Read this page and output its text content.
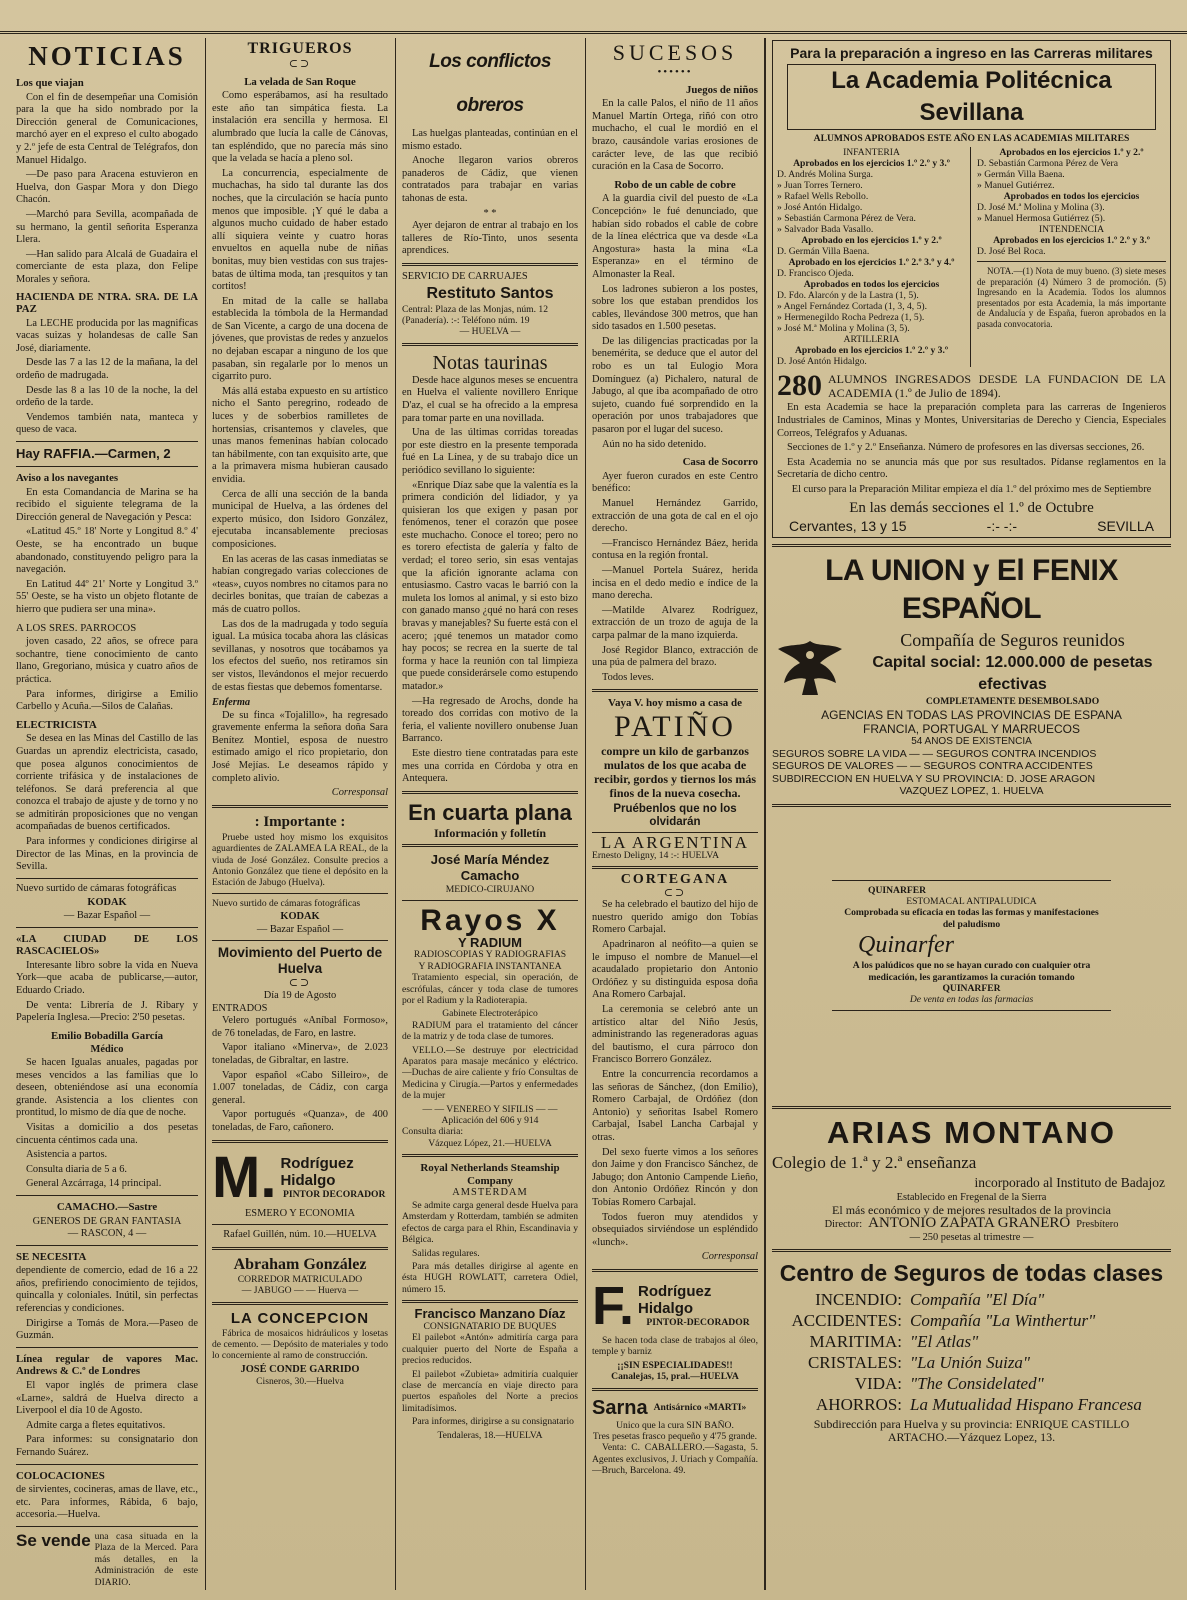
NOTICIAS
Los que viajan

Con el fin de desempeñar una Comisión para la que ha sido nombrado por la Dirección general de Comunicaciones, marchó ayer en el expreso el culto abogado y 2.º jefe de esta Central de Telégrafos, don Manuel Hidalgo.

—De paso para Aracena estuvieron en Huelva, don Gaspar Mora y don Diego Chacón.

—Marchó para Sevilla, acompañada de su hermano, la gentil señorita Esperanza Llera.

—Han salido para Alcalá de Guadaira el comerciante de esta plaza, don Felipe Morales y señora.

HACIENDA DE NTRA. SRA. DE LA PAZ

La LECHE producida por las magnificas vacas suizas y holandesas de calle San José, diariamente.

Desde las 7 a las 12 de la mañana, la del ordeño de madrugada.

Desde las 8 a las 10 de la noche, la del ordeño de la tarde.

Vendemos también nata, manteca y queso de vaca.

Hay RAFFIA.—Carmen, 2
Aviso a los navegantes

En esta Comandancia de Marina se ha recibido el siguiente telegrama de la Dirección general de Navegación y Pesca:

«Latitud 45.º 18' Norte y Longitud 8.º 4' Oeste, se ha encontrado un buque abandonado, constituyendo peligro para la navegación.

En Latitud 44º 21' Norte y Longitud 3.º 55' Oeste, se ha visto un objeto flotante de hierro que pudiera ser una mina».

A LOS SRES. PARROCOS

joven casado, 22 años, se ofrece para sochantre, tiene conocimiento de canto llano, Gregoriano, música y cuatro años de práctica.

Para informes, dirigirse a Emilio Carbello y Acuña.—Silos de Calañas.

ELECTRICISTA

Se desea en las Minas del Castillo de las Guardas un aprendiz electricista, casado, que posea algunos conocimientos de corriente trifásica y de instalaciones de teléfonos. Se dará preferencia al que conozca el trabajo de ajuste y de torno y no se admitirán proposiciones que no vengan acompañadas de buenos certificados.

Para informes y condiciones dirigirse al Director de las Minas, en la provincia de Sevilla.

Nuevo surtido de cámaras fotográficas

KODAK
— Bazar Español —
«LA CIUDAD DE LOS RASCACIELOS»

Interesante libro sobre la vida en Nueva York—que acaba de publicarse,—autor, Eduardo Criado.

De venta: Librería de J. Ribary y Papelería Inglesa.—Precio: 2'50 pesetas.

Emilio Bobadilla García
Médico

Se hacen Igualas anuales, pagadas por meses vencidos a las familias que lo deseen, obteniéndose así una economía grande. Asistencia a los clientes con prontitud, lo mismo de día que de noche.

Visitas a domicilio a dos pesetas cincuenta céntimos cada una.

Asistencia a partos.

Consulta diaria de 5 a 6.

General Azcárraga, 14 principal.

CAMACHO.—Sastre
GENEROS DE GRAN FANTASIA
— RASCON, 4 —
SE NECESITA

dependiente de comercio, edad de 16 a 22 años, prefiriendo conocimiento de tejidos, quincalla y coloniales. Inútil, sin perfectas referencias y condiciones.

Dirigirse a Tomás de Mora.—Paseo de Guzmán.

Línea regular de vapores Mac. Andrews & C.º de Londres

El vapor inglés de primera clase «Larne», saldrá de Huelva directo a Liverpool el día 10 de Agosto.

Admite carga a fletes equitativos.

Para informes: su consignatario don Fernando Suárez.

COLOCACIONES

de sirvientes, cocineras, amas de llave, etc., etc. Para informes, Rábida, 6 bajo, accesoria.—Huelva.

Se vende una casa situada en la Plaza de la Merced. Para más detalles, en la Administración de este DIARIO.
TRIGUEROS
⊂⊃
La velada de San Roque

Como esperábamos, así ha resultado este año tan simpática fiesta. La instalación era sencilla y hermosa. El alumbrado que lucía la calle de Cánovas, tan espléndido, que no parecía más sino que la velada se hacía a pleno sol.

La concurrencia, especialmente de muchachas, ha sido tal durante las dos noches, que la circulación se hacía punto menos que imposible. ¡Y qué le daba a algunos mucho cuidado de haber estado allí siquiera veinte y cuatro horas envueltos en aquella nube de niñas bonitas, muy bien vestidas con sus trajes-batas de última moda, tan ¡resquitos y tan cortitos!

En mitad de la calle se hallaba establecida la tómbola de la Hermandad de San Vicente, a cargo de una docena de jóvenes, que provistas de redes y anzuelos no dejaban escapar a ninguno de los que pasaban, sin regalarle por lo menos un cigarrito puro.

Más allá estaba expuesto en su artístico nicho el Santo peregrino, rodeado de luces y de soberbios ramilletes de hortensias, crisantemos y claveles, que unas manos femeninas habían colocado tan hábilmente, con tan exquisito arte, que a la primavera misma hubieran causado envidia.

Cerca de allí una sección de la banda municipal de Huelva, a las órdenes del experto músico, don Isidoro González, ejecutaba incansablemente preciosas composiciones.

En las aceras de las casas inmediatas se habían congregado varias colecciones de «teas», cuyos nombres no citamos para no decirles bonitas, que traían de cabezas a más de cuatro pollos.

Las dos de la madrugada y todo seguía igual. La música tocaba ahora las clásicas sevillanas, y nosotros que tocábamos ya los efectos del sueño, nos retiramos sin ser vistos, llevándonos el mejor recuerdo de estas fiestas que debemos fomentarse.

Enferma

De su finca «Tojalillo», ha regresado gravemente enferma la señora doña Sara Benítez Montiel, esposa de nuestro estimado amigo el rico propietario, don José Mejías. Le deseamos rápido y completo alivio.

Corresponsal
: Importante :

Pruebe usted hoy mismo los exquisitos aguardientes de ZALAMEA LA REAL, de la viuda de José González. Consulte precios a Antonio González que tiene el depósito en la Estación de Jabugo (Huelva).

Nuevo surtido de cámaras fotográficas

KODAK
— Bazar Español —
Movimiento del Puerto de Huelva
⊂⊃
Día 19 de Agosto
ENTRADOS

Velero portugués «Aníbal Formoso», de 76 toneladas, de Faro, en lastre.

Vapor italiano «Minerva», de 2.023 toneladas, de Gibraltar, en lastre.

Vapor español «Cabo Silleiro», de 1.007 toneladas, de Cádiz, con carga general.

Vapor portugués «Quanza», de 400 toneladas, de Faro, cañonero.

M. Rodríguez Hidalgo
PINTOR DECORADOR
ESMERO Y ECONOMIA
Rafael Guillén, núm. 10.—HUELVA
Abraham González
CORREDOR MATRICULADO
— JABUGO — — Huerva —
LA CONCEPCION

Fábrica de mosaicos hidráulicos y losetas de cemento. — Depósito de materiales y todo lo concerniente al ramo de construcción.

JOSÉ CONDE GARRIDO
Cisneros, 30.—Huelva
Los conflictos obreros

Las huelgas planteadas, continúan en el mismo estado.

Anoche llegaron varios obreros panaderos de Cádiz, que vienen contratados para trabajar en varias tahonas de esta.

* *

Ayer dejaron de entrar al trabajo en los talleres de Río-Tinto, unos sesenta aprendices.

SERVICIO DE CARRUAJES
Restituto Santos
Central: Plaza de las Monjas, núm. 12
(Panadería). :-: Teléfono núm. 19
— HUELVA —
Notas taurinas

Desde hace algunos meses se encuentra en Huelva el valiente novillero Enrique D'az, el cual se ha ofrecido a la empresa para tomar parte en una novillada.

Una de las últimas corridas toreadas por este diestro en la presente temporada fué en La Línea, y de su trabajo dice un periódico sevillano lo siguiente:

«Enrique Díaz sabe que la valentía es la primera condición del lidiador, y ya quisieran los que exigen y pasan por fenómenos, tener el corazón que posee este muchacho. Conoce el toreo; pero no es torero efectista de galería y falto de verdad; el toreo serio, sin esas ventajas que la afición ignorante aclama con entusiasmo. Castro vacas le barrió con la muleta los lomos al animal, y si esto bizo con ganado manso ¿qué no hará con reses bravas y manejables? Su fuerte está con el acero; ¡qué tenemos un matador como hay pocos; se recrea en la suerte de tal forma y hace la reunión con tal limpieza que puede considerársele como estupendo matador.»

—Ha regresado de Arochs, donde ha toreado dos corridas con motivo de la feria, el valiente novillero onubense Juan Barranco.

Este diestro tiene contratadas para este mes una corrida en Córdoba y otra en Antequera.

En cuarta plana
Información y folletín
José María Méndez Camacho
MEDICO-CIRUJANO
Rayos X
Y RADIUM
RADIOSCOPIAS Y RADIOGRAFIAS
Y RADIOGRAFIA INSTANTANEA

Tratamiento especial, sin operación, de escrófulas, cáncer y toda clase de tumores por el Radium y la Radioterapia.

Gabinete Electroterápico

RADIUM para el tratamiento del cáncer de la matriz y de toda clase de tumores.

VELLO.—Se destruye por electricidad Aparatos para masaje mecánico y eléctrico.—Duchas de aire caliente y frío Consultas de Medicina y Cirugía.—Partos y enfermedades de la mujer

— — VENEREO Y SIFILIS — —
Aplicación del 606 y 914
Consulta diaria:
Vázquez López, 21.—HUELVA
Royal Netherlands Steamship Company
AMSTERDAM

Se admite carga general desde Huelva para Amsterdam y Rotterdam, también se admiten efectos de carga para el Rhin, Escandinavia y Bélgica.

Salidas regulares.

Para más detalles dirigirse al agente en ésta HUGH ROWLATT, carretera Odiel, número 15.

Francisco Manzano Díaz
CONSIGNATARIO DE BUQUES

El pailebot «Antón» admitiría carga para cualquier puerto del Norte de España a precios reducidos.

El pailebot «Zubieta» admitiría cualquier clase de mercancía en viaje directo para puertos españoles del Norte a precios limitadísimos.

Para informes, dirigirse a su consignatario

Tendaleras, 18.—HUELVA
SUCESOS
••••••
Juegos de niños

En la calle Palos, el niño de 11 años Manuel Martín Ortega, riñó con otro muchacho, el cual le mordió en el brazo, causándole varias erosiones de carácter leve, de las que recibió curación en la Casa de Socorro.

Robo de un cable de cobre

A la guardia civil del puesto de «La Concepción» le fué denunciado, que habían sido robados el cable de cobre de la línea eléctrica que va desde «La Angostura» hasta la mina «La Esperanza» en el término de Almonaster la Real.

Los ladrones subieron a los postes, sobre los que estaban prendidos los cables, llevándose 300 metros, que han sido tasados en 1.500 pesetas.

De las diligencias practicadas por la benemérita, se deduce que el autor del robo es un tal Eulogio Mora Domínguez (a) Pichalero, natural de Jabugo, al que iba acompañado de otro sujeto, cuando fué sorprendido en la operación por unos trabajadores que pasaron por el lugar del suceso.

Aún no ha sido detenido.

Casa de Socorro

Ayer fueron curados en este Centro benéfico:

Manuel Hernández Garrido, extracción de una gota de cal en el ojo derecho.

—Francisco Hernández Báez, herida contusa en la región frontal.

—Manuel Portela Suárez, herida incisa en el dedo medio e índice de la mano derecha.

—Matilde Alvarez Rodríguez, extracción de un trozo de aguja de la carpa palmar de la mano izquierda.

José Regidor Blanco, extracción de una púa de palmera del brazo.

Todos leves.

Vaya V. hoy mismo a casa de
PATIÑO
compre un kilo de garbanzos mulatos de los que acaba de recibir, gordos y tiernos los más finos de la nueva cosecha.
Pruébenlos que no los olvidarán
LA ARGENTINA
Ernesto Deligny, 14 :-: HUELVA
CORTEGANA
⊂⊃

Se ha celebrado el bautizo del hijo de nuestro querido amigo don Tobías Romero Carbajal.

Apadrinaron al neófito—a quien se le impuso el nombre de Manuel—el acaudalado propietario don Antonio Ordóñez y su distinguida esposa doña Ana Romero Carbajal.

La ceremonia se celebró ante un artístico altar del Niño Jesús, administrando las regeneradoras aguas del bautismo, el cura párroco don Francisco Borrero González.

Entre la concurrencia recordamos a las señoras de Sánchez, (don Emilio), Romero Carbajal, de Ordóñez (don Antonio) y señoritas Isabel Romero Carbajal, Isabel Lancha Carbajal y otras.

Del sexo fuerte vimos a los señores don Jaime y don Francisco Sánchez, de Jabugo; don Antonio Campende Lieño, don Antonio Ordóñez Rincón y don Tobías Romero Carbajal.

Todos fueron muy atendidos y obsequiados sirviéndose un espléndido «lunch».

Corresponsal
F. Rodríguez Hidalgo
PINTOR-DECORADOR

Se hacen toda clase de trabajos al óleo, temple y barniz

¡¡SIN ESPECIALIDADES!!
Canalejas, 15, pral.—HUELVA
Sarna Antisárnico «MARTI»
Unico que la cura SIN BAÑO.
Tres pesetas frasco pequeño y 4'75 grande.

Venta: C. CABALLERO.—Sagasta, 5. Agentes exclusivos, J. Uriach y Compañía.—Bruch, Barcelona. 49.

Para la preparación a ingreso en las Carreras militares
La Academia Politécnica Sevillana
ALUMNOS APROBADOS ESTE AÑO EN LAS ACADEMIAS MILITARES
INFANTERIA
Aprobados en los ejercicios 1.º 2.º y 3.º
D. Andrés Molina Surga.
» Juan Torres Ternero.
» Rafael Wells Rebollo.
» José Antón Hidalgo.
» Sebastián Carmona Pérez de Vera.
» Salvador Bada Vasallo.
Aprobado en los ejercicios 1.º y 2.º
D. Germán Villa Baena.
Aprobado en los ejercicios 1.º 2.º 3.º y 4.º
D. Francisco Ojeda.
Aprobados en todos los ejercicios
D. Fdo. Alarcón y de la Lastra (1, 5).
» Angel Fernández Cortada (1, 3, 4, 5).
» Hermenegildo Rocha Pedreza (1, 5).
» José M.ª Molina y Molina (3, 5).
ARTILLERIA
Aprobado en los ejercicios 1.º 2.º y 3.º
D. José Antón Hidalgo.
Aprobados en los ejercicios 1.º y 2.º
D. Sebastián Carmona Pérez de Vera
» Germán Villa Baena.
» Manuel Gutiérrez.
Aprobados en todos los ejercicios
D. José M.ª Molina y Molina (3).
» Manuel Hermosa Gutiérrez (5).
INTENDENCIA
Aprobados en los ejercicios 1.º 2.º y 3.º
D. José Bel Roca.

NOTA.—(1) Nota de muy bueno. (3) siete meses de preparación (4) Número 3 de promoción. (5) Ingresando en la Academia. Todos los alumnos presentados por esta Academia, la más importante de Andalucía y de España, fueron aprobados en la pasada convocatoria.

280 ALUMNOS INGRESADOS DESDE LA FUNDACION DE LA ACADEMIA (1.º de Julio de 1894).

En esta Academia se hace la preparación completa para las carreras de Ingenieros Industriales de Caminos, Minas y Montes, Universitarias de Derecho y Ciencia, Especiales Correos, Telégrafos y Aduanas.

Secciones de 1.º y 2.º Enseñanza. Número de profesores en las diversas secciones, 26.

Esta Academia no se anuncia más que por sus resultados. Pídanse reglamentos en la Secretaría de dicho centro.

El curso para la Preparación Militar empieza el día 1.º del próximo mes de Septiembre

En las demás secciones el 1.º de Octubre
Cervantes, 13 y 15	-:- -:-	SEVILLA
LA UNION y El FENIX ESPAÑOL
Compañía de Seguros reunidos
Capital social: 12.000.000 de pesetas efectivas
COMPLETAMENTE DESEMBOLSADO
AGENCIAS EN TODAS LAS PROVINCIAS DE ESPANA
FRANCIA, PORTUGAL Y MARRUECOS
54 ANOS DE EXISTENCIA
SEGUROS SOBRE LA VIDA — — SEGUROS CONTRA INCENDIOS
SEGUROS DE VALORES — — SEGUROS CONTRA ACCIDENTES
SUBDIRECCION EN HUELVA Y SU PROVINCIA: D. JOSE ARAGON
VAZQUEZ LOPEZ, 1. HUELVA
QUINARFER
ESTOMACAL ANTIPALUDICA
Comprobada su eficacia en todas las formas y manifestaciones del paludismo
Quinarfer
A los palúdicos que no se hayan curado con cualquier otra medicación, les garantizamos la curación tomando
QUINARFER
De venta en todas las farmacias
ARIAS MONTANO
Colegio de 1.ª y 2.ª enseñanza
incorporado al Instituto de Badajoz
Establecido en Fregenal de la Sierra
El más económico y de mejores resultados de la provincia
Director: ANTONIO ZAPATA GRANERO Presbítero
— 250 pesetas al trimestre —
Centro de Seguros de todas clases
INCENDIO: Compañía "El Día"
ACCIDENTES: Compañía "La Winthertur"
MARITIMA: "El Atlas"
CRISTALES: "La Unión Suiza"
VIDA: "The Considelated"
AHORROS: La Mutualidad Hispano Francesa
Subdirección para Huelva y su provincia: ENRIQUE CASTILLO
ARTACHO.—Yázquez Lopez, 13.
